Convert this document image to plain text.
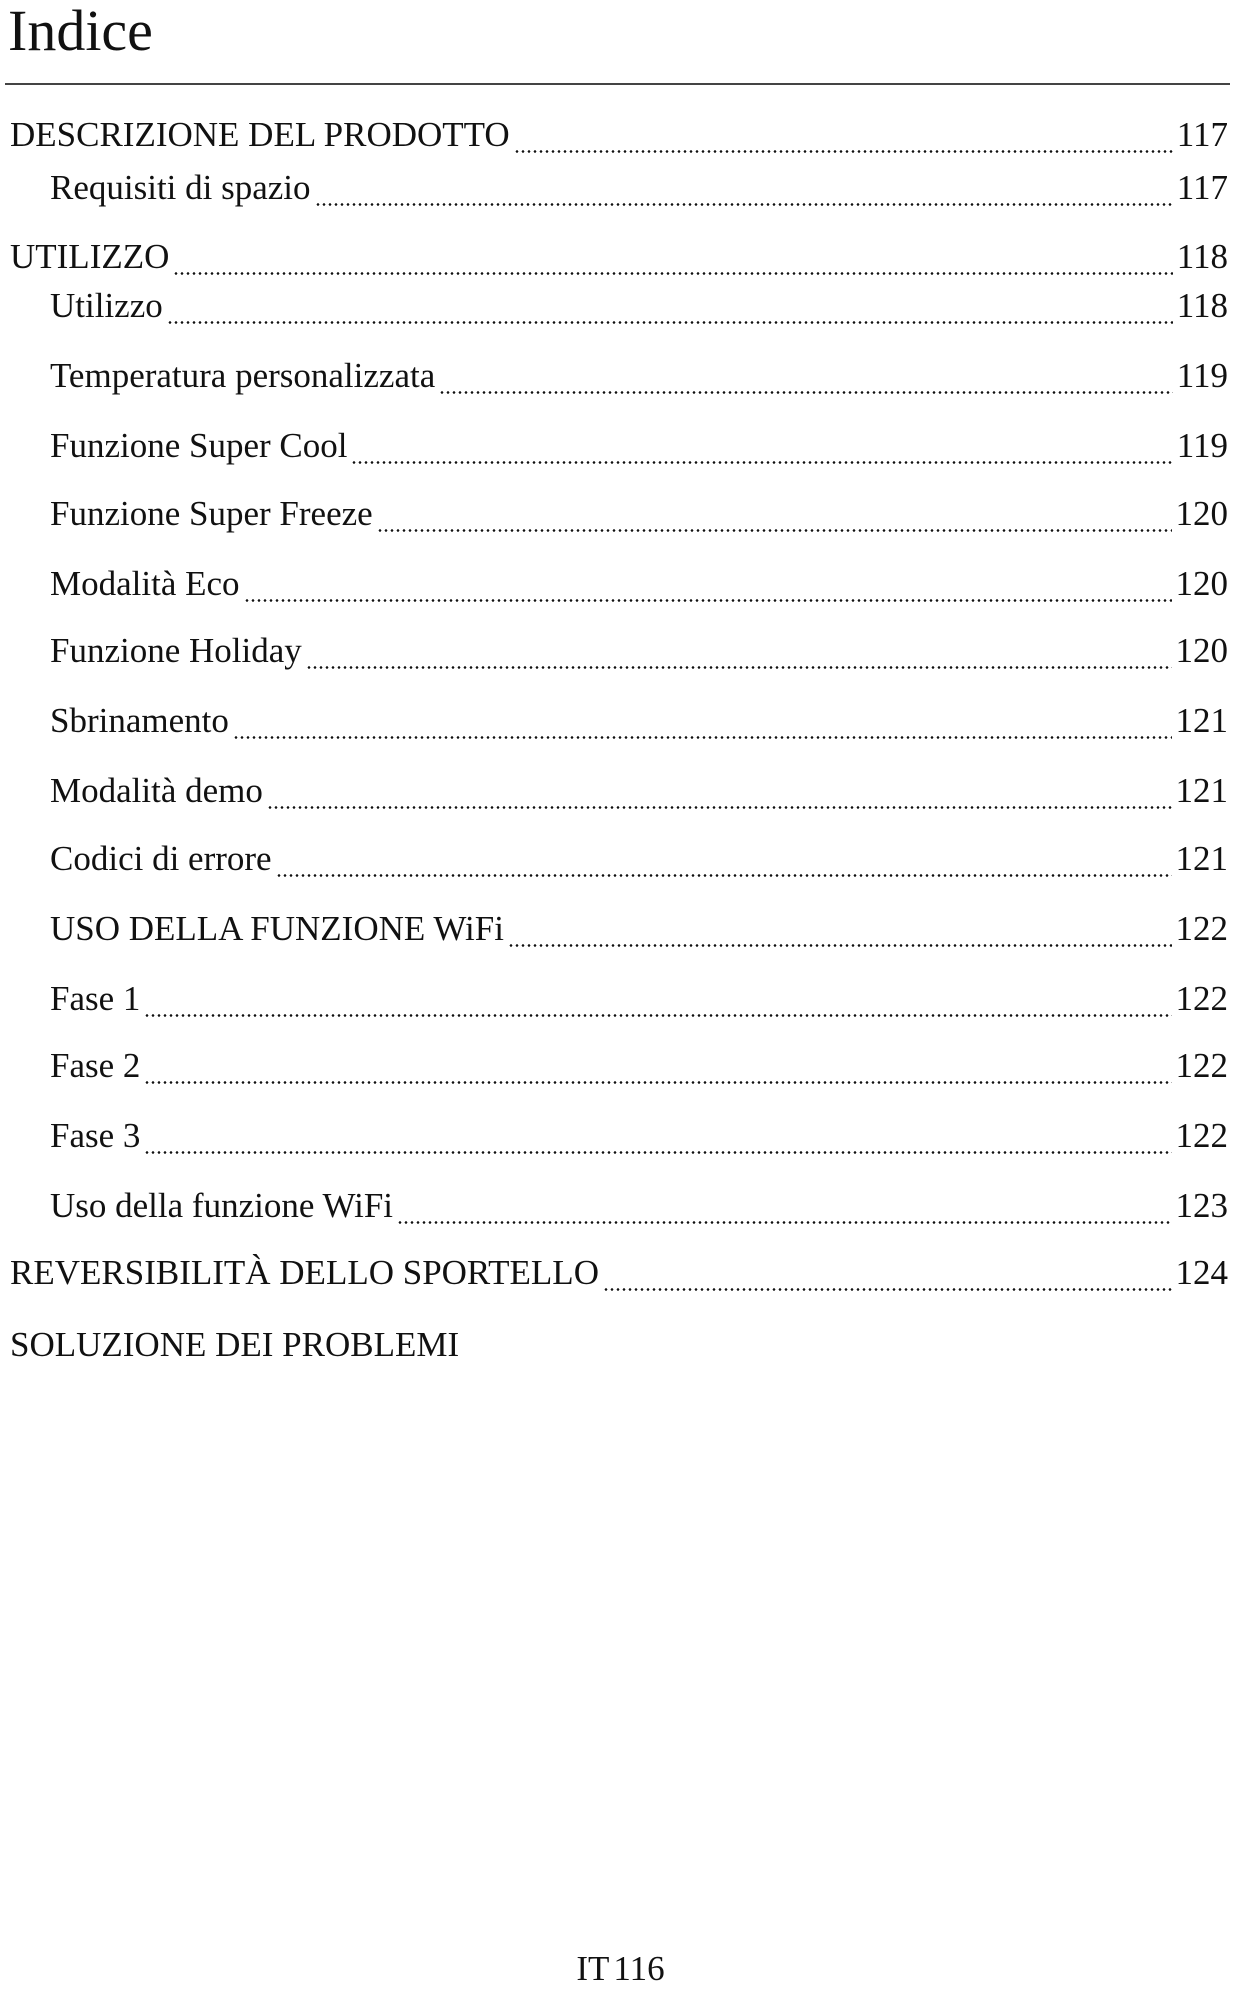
Indice
DESCRIZIONE DEL PRODOTTO	117
Requisiti di spazio	117
UTILIZZO	118
Utilizzo	118
Temperatura personalizzata	119
Funzione Super Cool	119
Funzione Super Freeze	120
Modalità Eco	120
Funzione Holiday	120
Sbrinamento	121
Modalità demo	121
Codici di errore	121
USO DELLA FUNZIONE WiFi	122
Fase 1	122
Fase 2	122
Fase 3	122
Uso della funzione WiFi	123
REVERSIBILITÀ DELLO SPORTELLO	124
SOLUZIONE DEI PROBLEMI
IT 116
